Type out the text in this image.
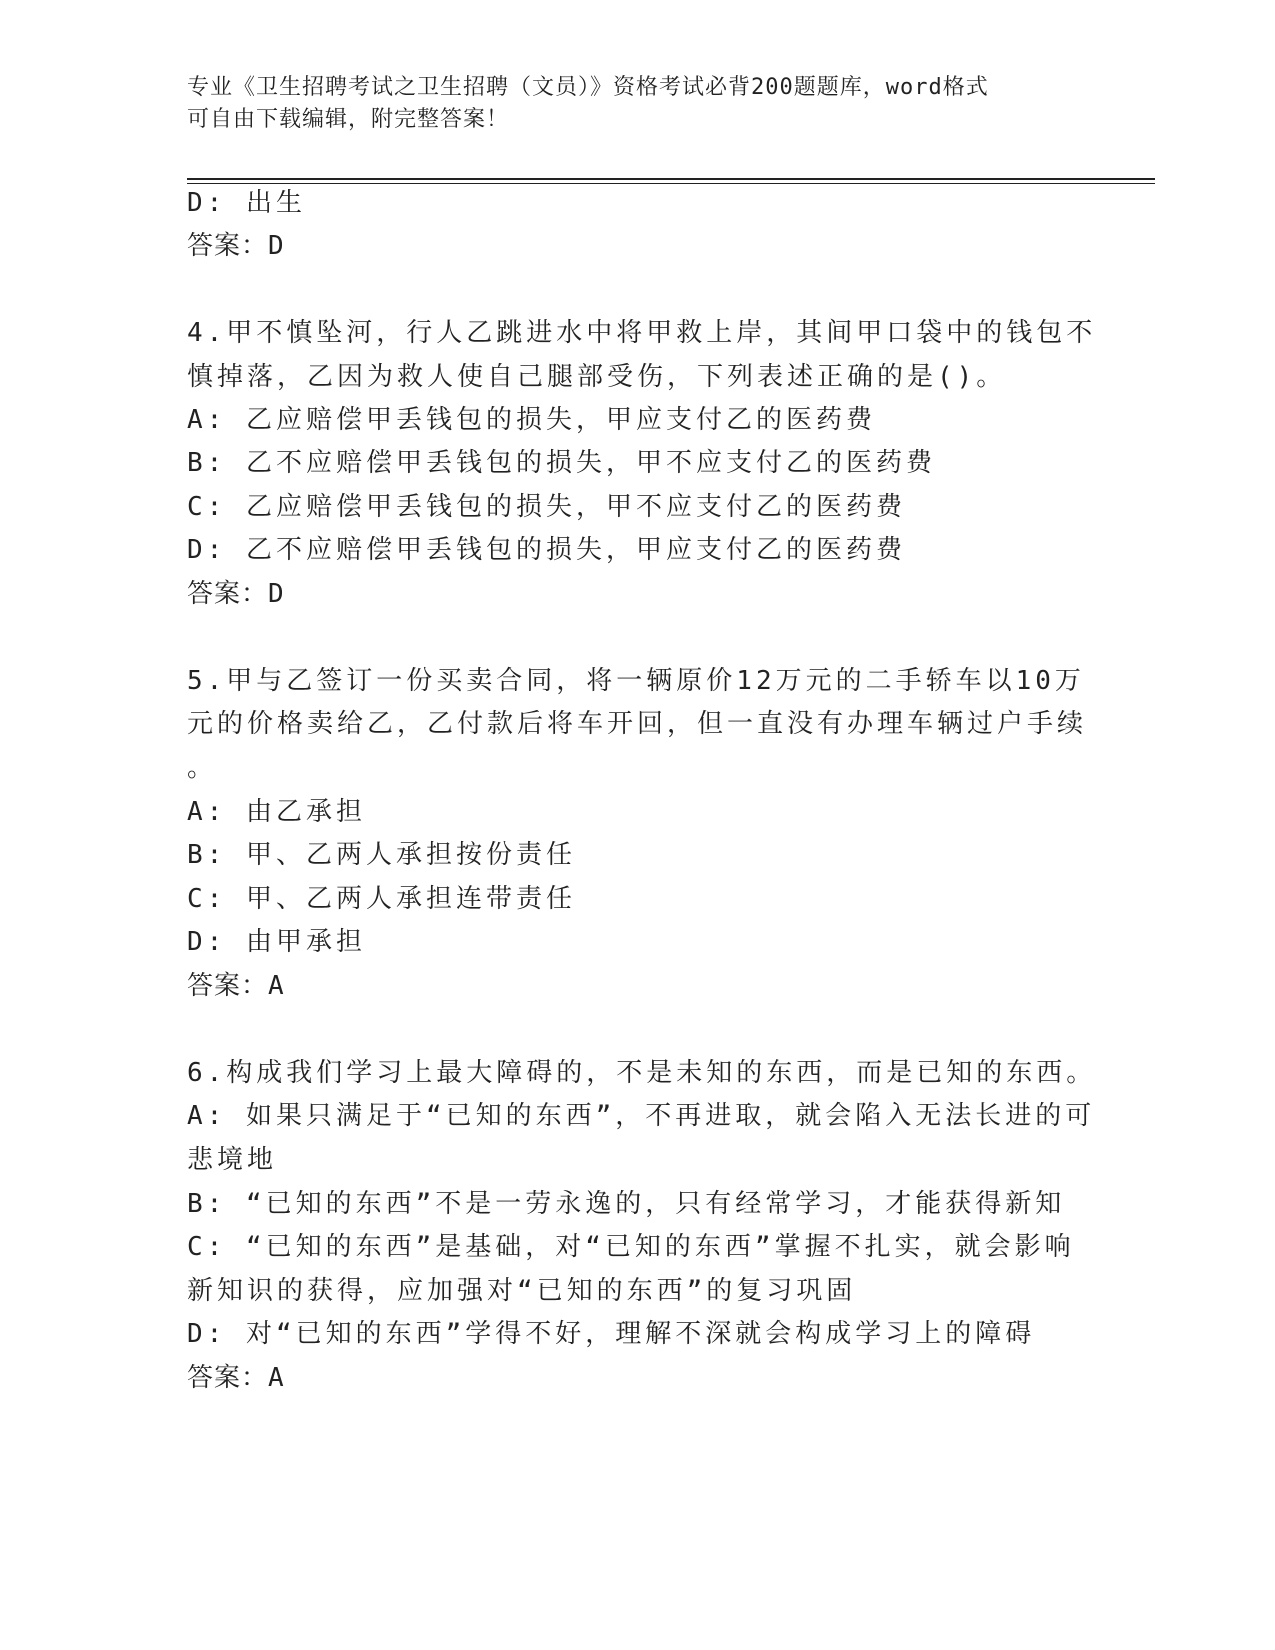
专业《卫生招聘考试之卫生招聘（文员）》资格考试必背200题题库，word格式
可自由下载编辑，附完整答案！
D: 出生
答案：D
4.甲不慎坠河，行人乙跳进水中将甲救上岸，其间甲口袋中的钱包不
慎掉落，乙因为救人使自己腿部受伤，下列表述正确的是()。
A: 乙应赔偿甲丢钱包的损失，甲应支付乙的医药费
B: 乙不应赔偿甲丢钱包的损失，甲不应支付乙的医药费
C: 乙应赔偿甲丢钱包的损失，甲不应支付乙的医药费
D: 乙不应赔偿甲丢钱包的损失，甲应支付乙的医药费
答案：D
5.甲与乙签订一份买卖合同，将一辆原价12万元的二手轿车以10万
元的价格卖给乙，乙付款后将车开回，但一直没有办理车辆过户手续
。
A: 由乙承担
B: 甲、乙两人承担按份责任
C: 甲、乙两人承担连带责任
D: 由甲承担
答案：A
6.构成我们学习上最大障碍的，不是未知的东西，而是已知的东西。
A: 如果只满足于“已知的东西”，不再进取，就会陷入无法长进的可
悲境地
B: “已知的东西”不是一劳永逸的，只有经常学习，才能获得新知
C: “已知的东西”是基础，对“已知的东西”掌握不扎实，就会影响
新知识的获得，应加强对“已知的东西”的复习巩固
D: 对“已知的东西”学得不好，理解不深就会构成学习上的障碍
答案：A
